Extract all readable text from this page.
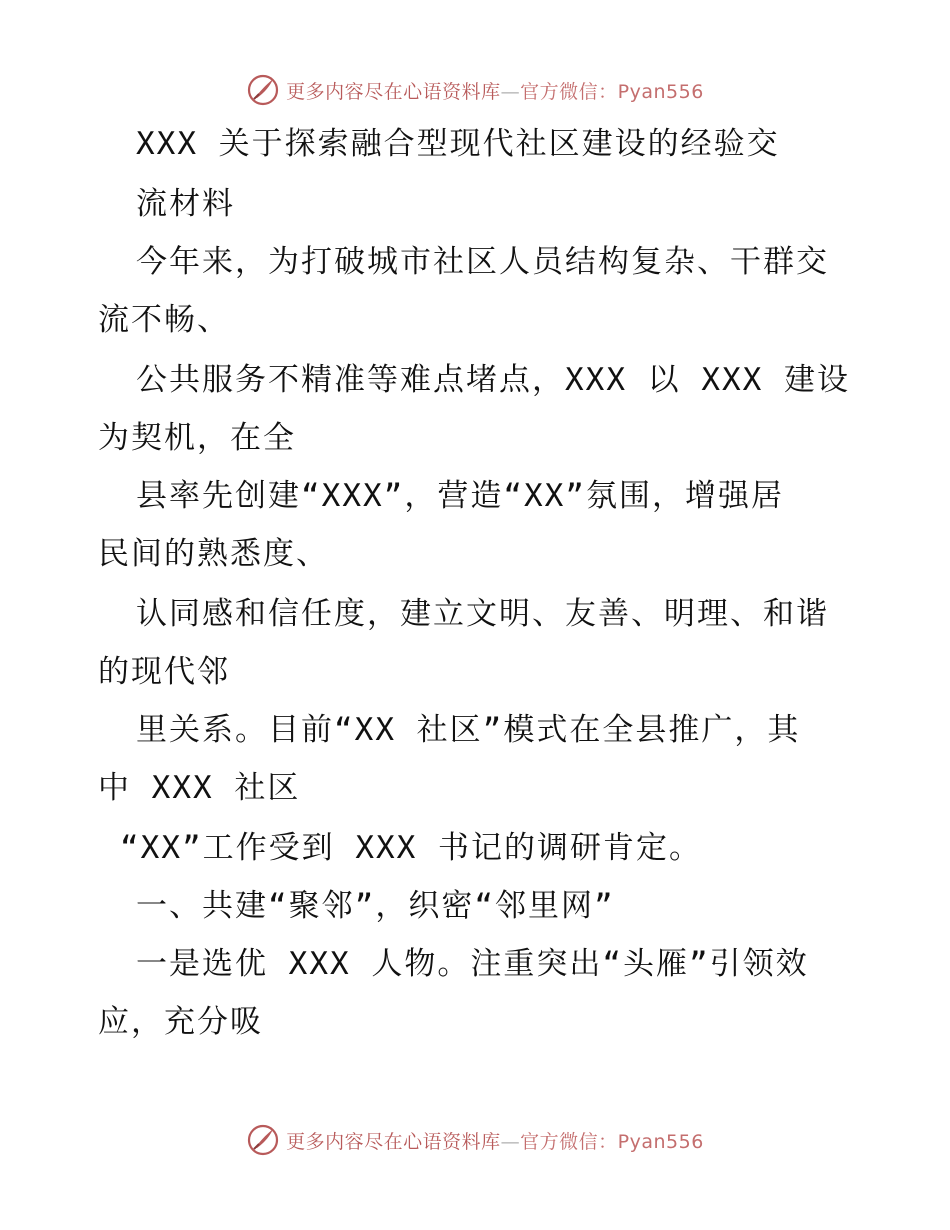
更多内容尽在心语资料库—官方微信：Pyan556
XXX 关于探索融合型现代社区建设的经验交
流材料
今年来，为打破城市社区人员结构复杂、干群交
流不畅、
公共服务不精准等难点堵点，XXX 以 XXX 建设
为契机，在全
县率先创建“XXX”，营造“XX”氛围，增强居
民间的熟悉度、
认同感和信任度，建立文明、友善、明理、和谐
的现代邻
里关系。目前“XX 社区”模式在全县推广，其
中 XXX 社区
“XX”工作受到 XXX 书记的调研肯定。
一、共建“聚邻”，织密“邻里网”
一是选优 XXX 人物。注重突出“头雁”引领效
应，充分吸
更多内容尽在心语资料库—官方微信：Pyan556
